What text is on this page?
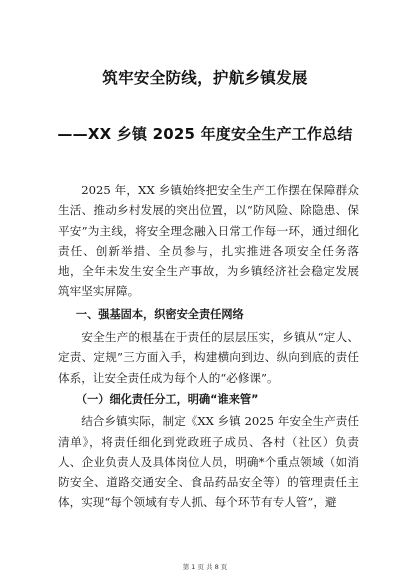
筑牢安全防线，护航乡镇发展
——XX 乡镇 2025 年度安全生产工作总结

2025 年，XX 乡镇始终把安全生产工作摆在保障群众生活、推动乡村发展的突出位置，以“防风险、除隐患、保平安”为主线，将安全理念融入日常工作每一环，通过细化责任、创新举措、全员参与，扎实推进各项安全任务落地，全年未发生安全生产事故，为乡镇经济社会稳定发展筑牢坚实屏障。

一、强基固本，织密安全责任网络

安全生产的根基在于责任的层层压实，乡镇从“定人、定责、定规”三方面入手，构建横向到边、纵向到底的责任体系，让安全责任成为每个人的“必修课”。

（一）细化责任分工，明确“谁来管”

结合乡镇实际，制定《XX 乡镇 2025 年安全生产责任清单》，将责任细化到党政班子成员、各村（社区）负责人、企业负责人及具体岗位人员，明确*个重点领域（如消防安全、道路交通安全、食品药品安全等）的管理责任主体，实现“每个领域有专人抓、每个环节有专人管”，避

第 1 页 共 8 页
